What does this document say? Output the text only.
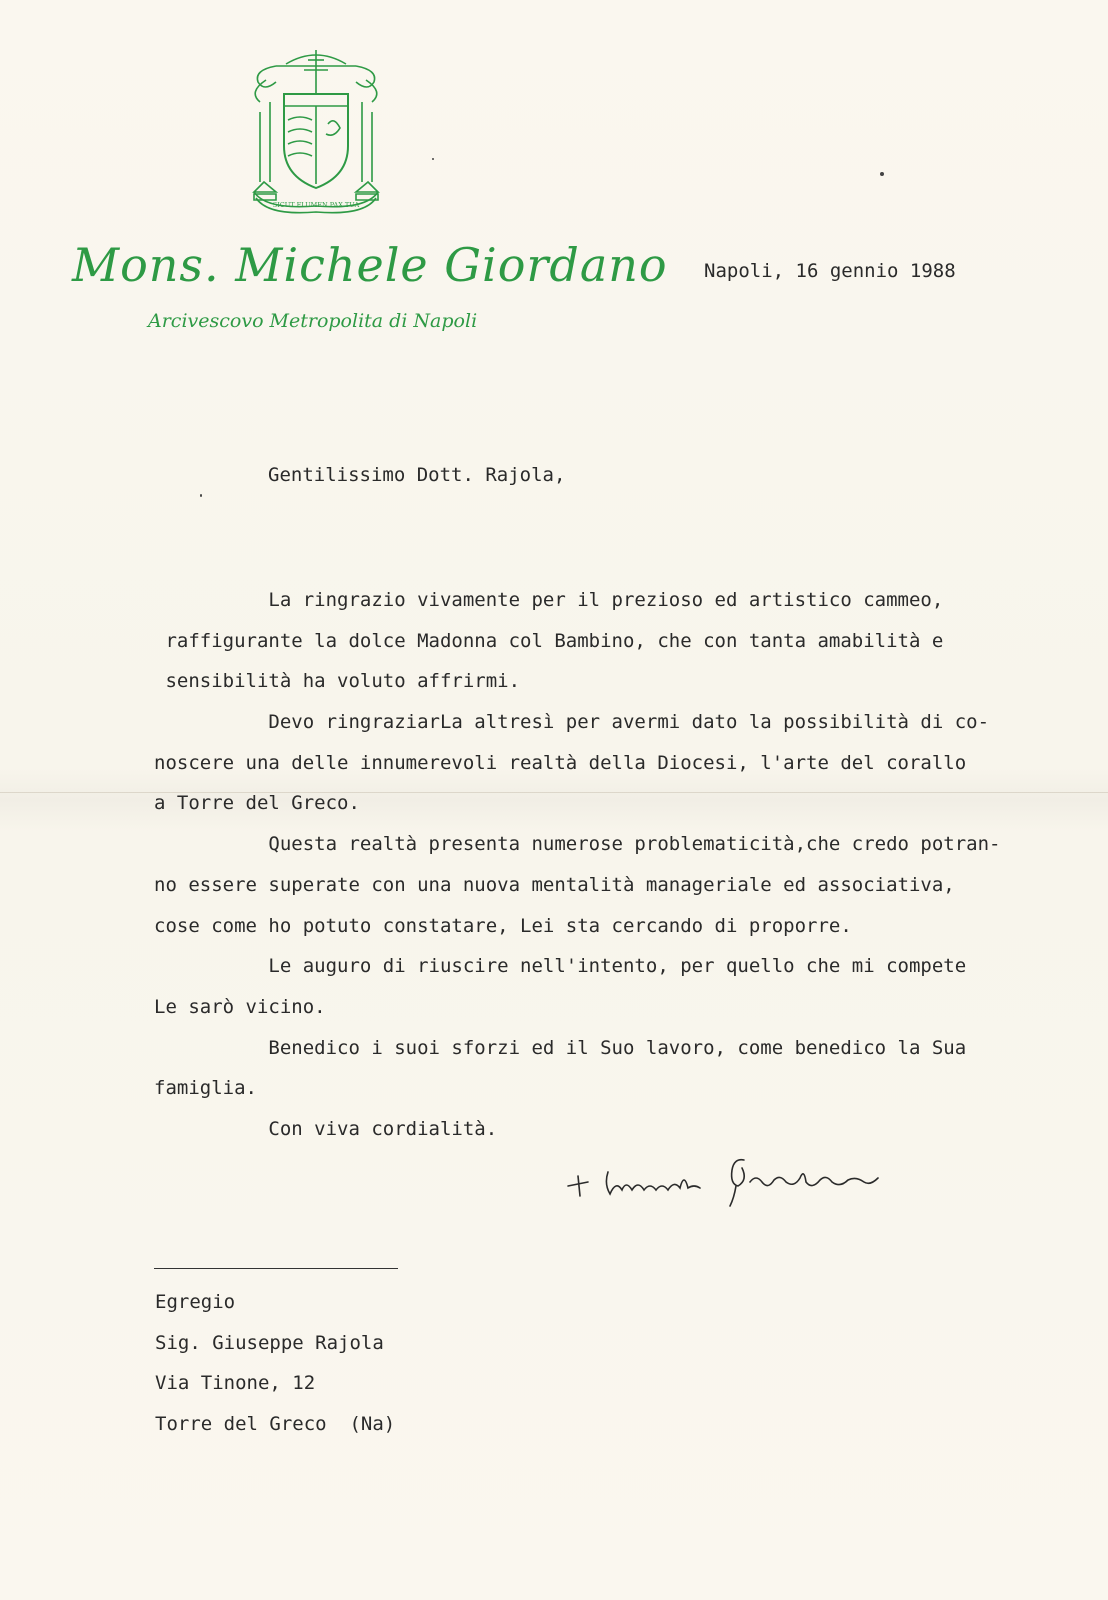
SICUT FLUMEN PAX TUA
Mons. Michele Giordano
Arcivescovo Metropolita di Napoli
Napoli, 16 gennio 1988
Gentilissimo Dott. Rajola,
La ringrazio vivamente per il prezioso ed artistico cammeo,
raffigurante la dolce Madonna col Bambino, che con tanta amabilità e
sensibilità ha voluto affrirmi.
Devo ringraziarLa altresì per avermi dato la possibilità di co-
noscere una delle innumerevoli realtà della Diocesi, l'arte del corallo
a Torre del Greco.
Questa realtà presenta numerose problematicità,che credo potran-
no essere superate con una nuova mentalità manageriale ed associativa,
cose come ho potuto constatare, Lei sta cercando di proporre.
Le auguro di riuscire nell'intento, per quello che mi compete
Le sarò vicino.
Benedico i suoi sforzi ed il Suo lavoro, come benedico la Sua
famiglia.
Con viva cordialità.
Egregio
Sig. Giuseppe Rajola
Via Tinone, 12
Torre del Greco  (Na)
